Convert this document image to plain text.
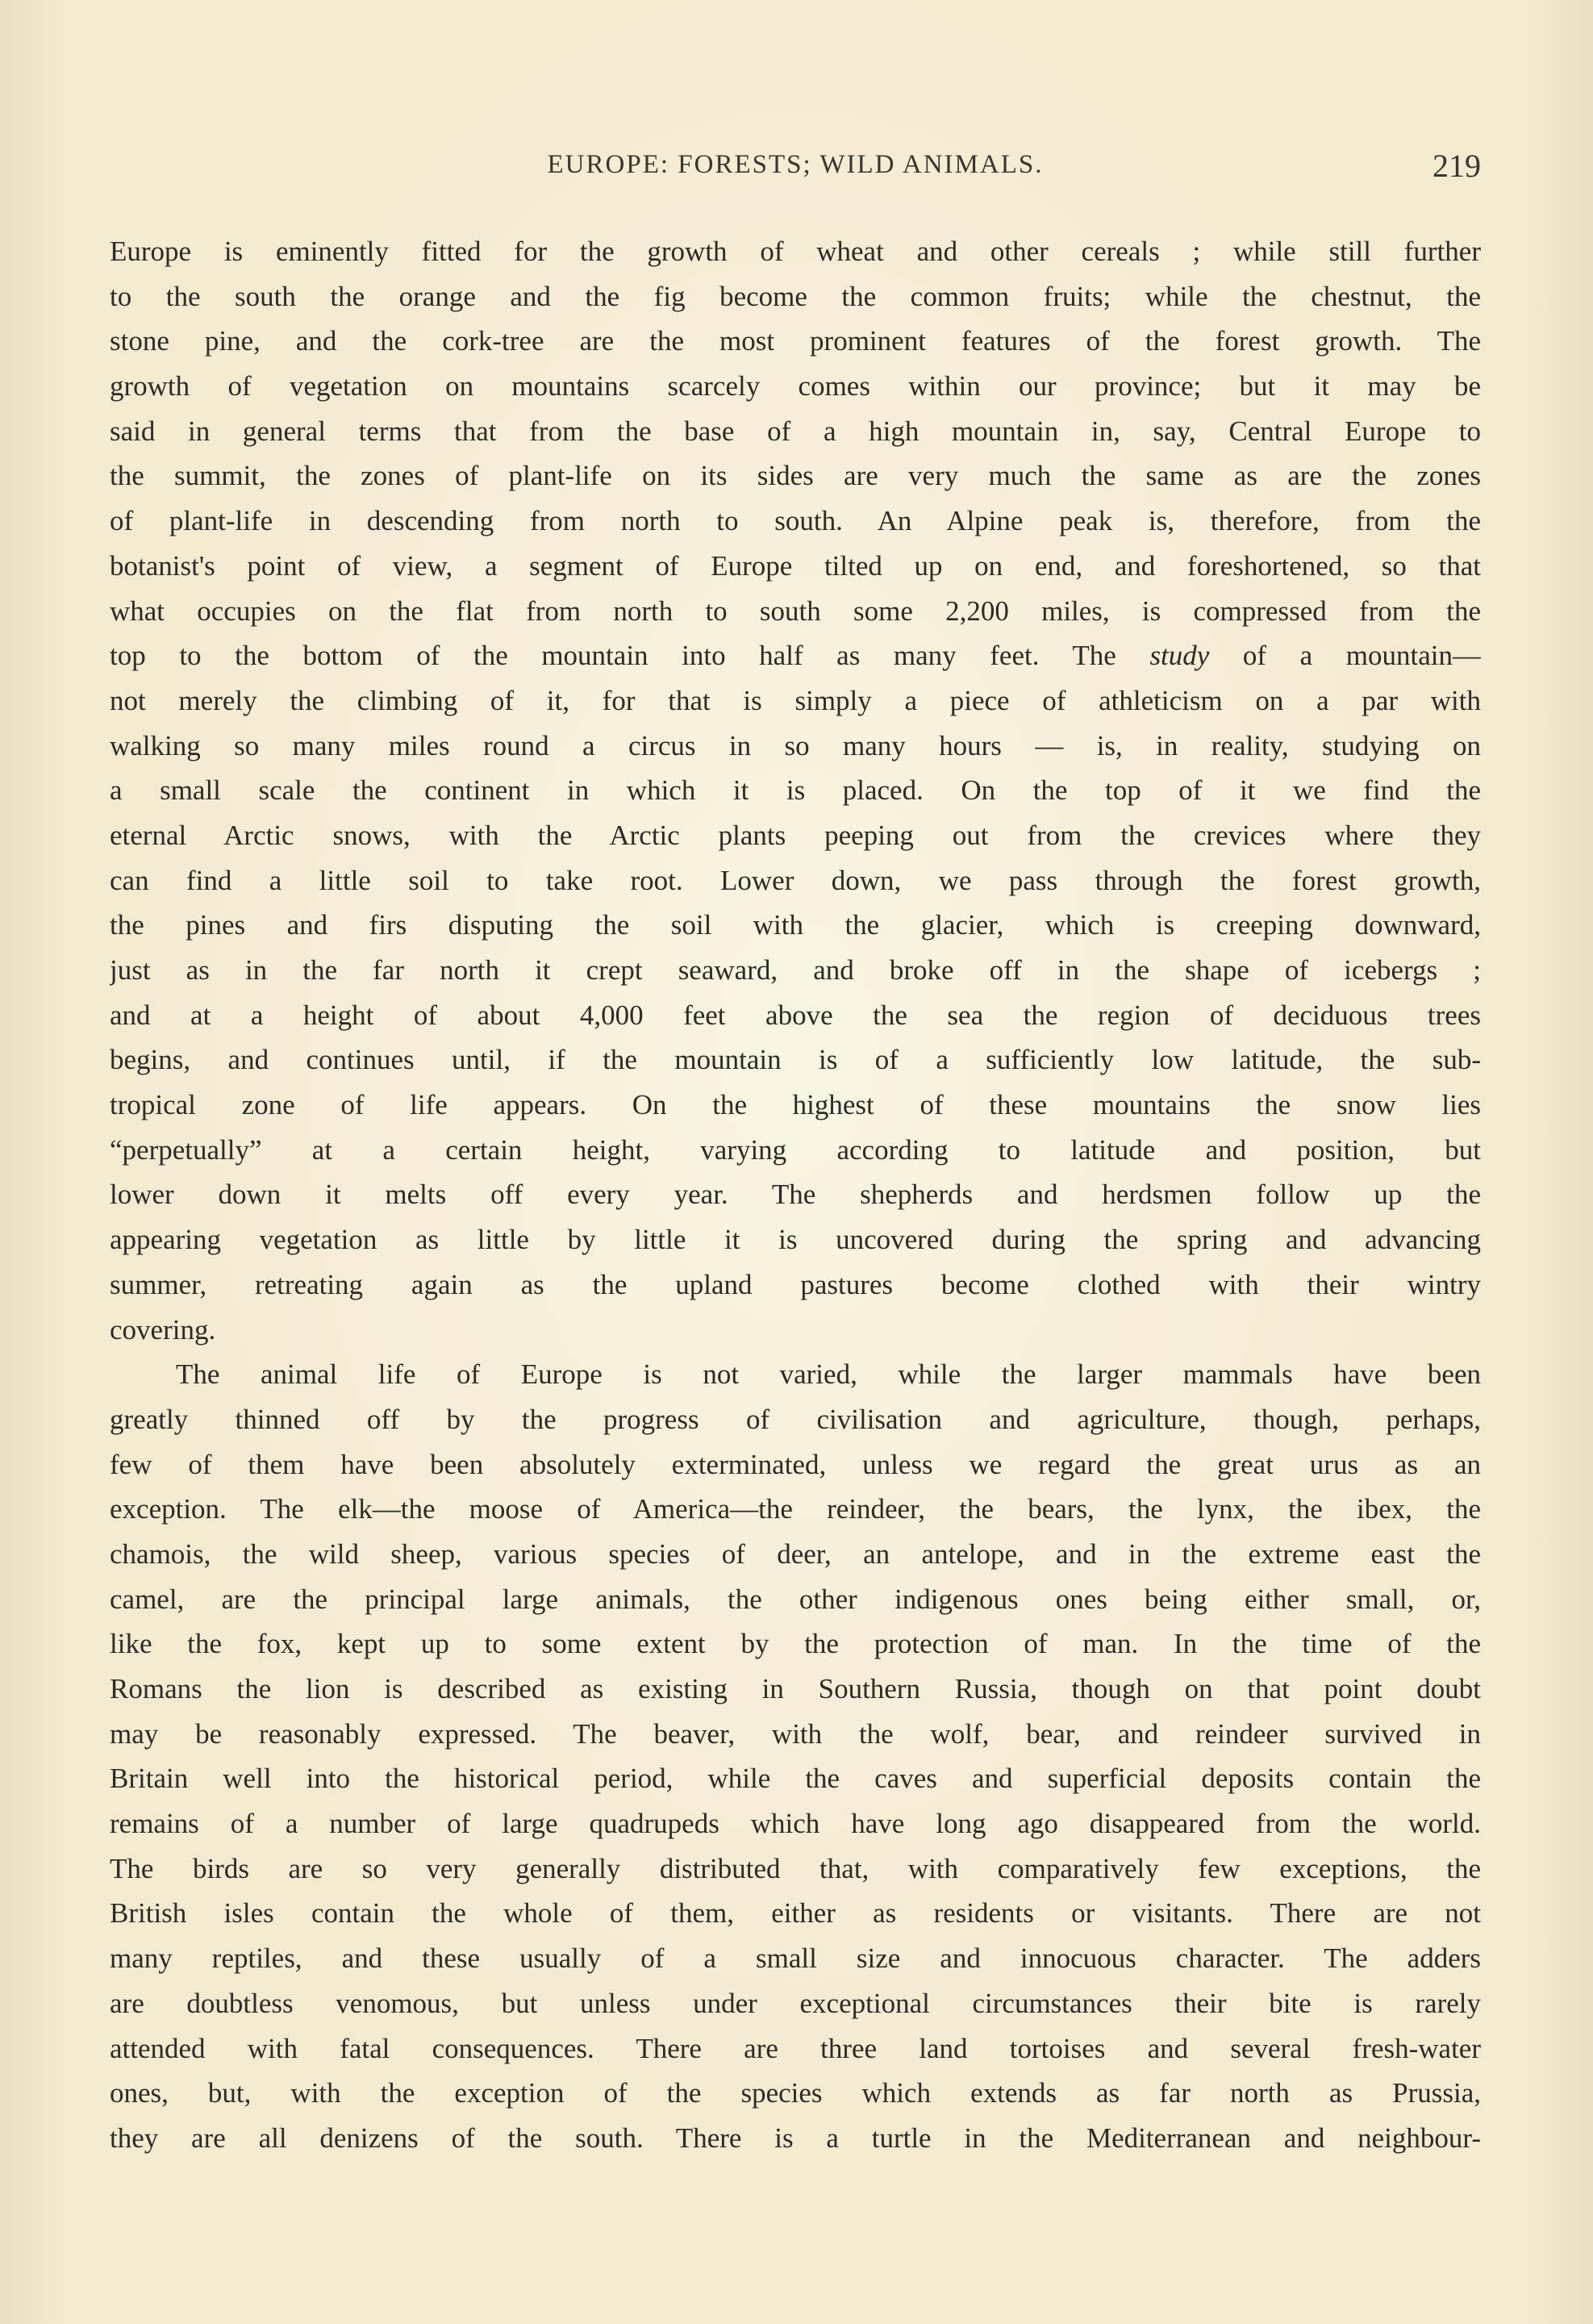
EUROPE: FORESTS; WILD ANIMALS.	219
Europe is eminently fitted for the growth of wheat and other cereals ; while still further
to the south the orange and the fig become the common fruits; while the chestnut, the
stone pine, and the cork-tree are the most prominent features of the forest growth. The
growth of vegetation on mountains scarcely comes within our province; but it may be
said in general terms that from the base of a high mountain in, say, Central Europe to
the summit, the zones of plant-life on its sides are very much the same as are the zones
of plant-life in descending from north to south. An Alpine peak is, therefore, from the
botanist's point of view, a segment of Europe tilted up on end, and foreshortened, so that
what occupies on the flat from north to south some 2,200 miles, is compressed from the
top to the bottom of the mountain into half as many feet. The study of a mountain—
not merely the climbing of it, for that is simply a piece of athleticism on a par with
walking so many miles round a circus in so many hours — is, in reality, studying on
a small scale the continent in which it is placed. On the top of it we find the
eternal Arctic snows, with the Arctic plants peeping out from the crevices where they
can find a little soil to take root. Lower down, we pass through the forest growth,
the pines and firs disputing the soil with the glacier, which is creeping downward,
just as in the far north it crept seaward, and broke off in the shape of icebergs ;
and at a height of about 4,000 feet above the sea the region of deciduous trees
begins, and continues until, if the mountain is of a sufficiently low latitude, the sub-
tropical zone of life appears. On the highest of these mountains the snow lies
“perpetually” at a certain height, varying according to latitude and position, but
lower down it melts off every year. The shepherds and herdsmen follow up the
appearing vegetation as little by little it is uncovered during the spring and advancing
summer, retreating again as the upland pastures become clothed with their wintry
covering.
The animal life of Europe is not varied, while the larger mammals have been
greatly thinned off by the progress of civilisation and agriculture, though, perhaps,
few of them have been absolutely exterminated, unless we regard the great urus as an
exception. The elk—the moose of America—the reindeer, the bears, the lynx, the ibex, the
chamois, the wild sheep, various species of deer, an antelope, and in the extreme east the
camel, are the principal large animals, the other indigenous ones being either small, or,
like the fox, kept up to some extent by the protection of man. In the time of the
Romans the lion is described as existing in Southern Russia, though on that point doubt
may be reasonably expressed. The beaver, with the wolf, bear, and reindeer survived in
Britain well into the historical period, while the caves and superficial deposits contain the
remains of a number of large quadrupeds which have long ago disappeared from the world.
The birds are so very generally distributed that, with comparatively few exceptions, the
British isles contain the whole of them, either as residents or visitants. There are not
many reptiles, and these usually of a small size and innocuous character. The adders
are doubtless venomous, but unless under exceptional circumstances their bite is rarely
attended with fatal consequences. There are three land tortoises and several fresh-water
ones, but, with the exception of the species which extends as far north as Prussia,
they are all denizens of the south. There is a turtle in the Mediterranean and neighbour-
